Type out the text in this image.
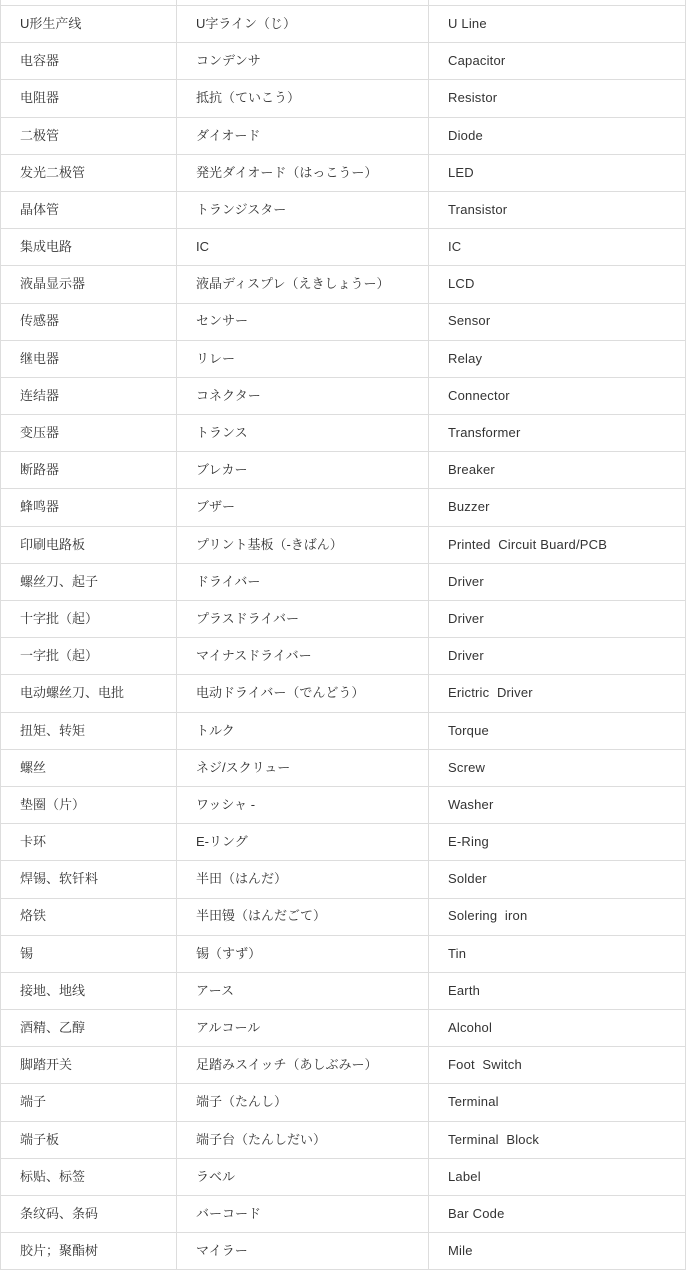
U形生产线	U字ライン（じ）	U Line
电容器	コンデンサ	Capacitor
电阻器	抵抗（ていこう）	Resistor
二极管	ダイオード	Diode
发光二极管	発光ダイオード（はっこうー）	LED
晶体管	トランジスター	Transistor
集成电路	IC	IC
液晶显示器	液晶ディスプレ（えきしょうー）	LCD
传感器	センサー	Sensor
继电器	リレー	Relay
连结器	コネクター	Connector
变压器	トランス	Transformer
断路器	ブレカー	Breaker
蜂鸣器	ブザー	Buzzer
印刷电路板	プリント基板（‐きばん）	Printed  Circuit Buard/PCB
螺丝刀、起子	ドライバー	Driver
十字批（起）	プラスドライバー	Driver
一字批（起）	マイナスドライバー	Driver
电动螺丝刀、电批	电动ドライバー（でんどう）	Erictric  Driver
扭矩、转矩	トルク	Torque
螺丝	ネジ/スクリュー	Screw
垫圈（片）	ワッシャ -	Washer
卡环	E-リング	E-Ring
焊锡、软钎料	半田（はんだ）	Solder
烙铁	半田镘（はんだごて）	Solering  iron
锡	锡（すず）	Tin
接地、地线	アース	Earth
酒精、乙醇	アルコール	Alcohol
脚踏开关	足踏みスイッチ（あしぶみー）	Foot  Switch
端子	端子（たんし）	Terminal
端子板	端子台（たんしだい）	Terminal  Block
标贴、标签	ラベル	Label
条纹码、条码	バーコード	Bar Code
胶片；聚酯树	マイラー	Mile
